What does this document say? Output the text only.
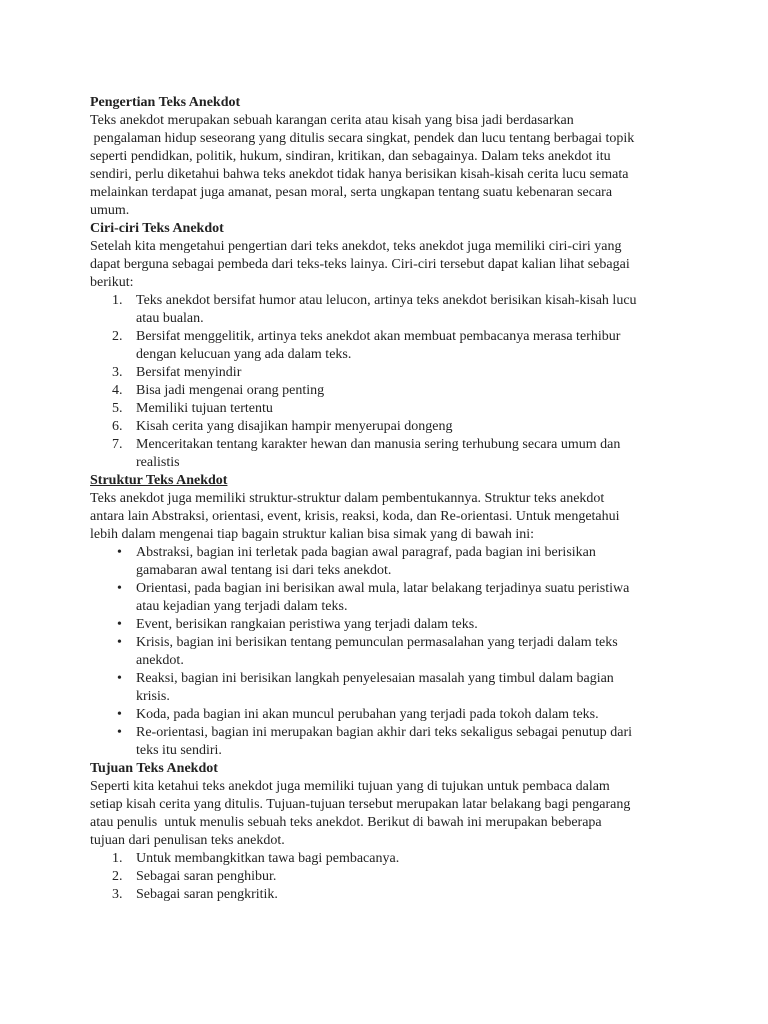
Pengertian Teks Anekdot
Teks anekdot merupakan sebuah karangan cerita atau kisah yang bisa jadi berdasarkan
pengalaman hidup seseorang yang ditulis secara singkat, pendek dan lucu tentang berbagai topik
seperti pendidkan, politik, hukum, sindiran, kritikan, dan sebagainya. Dalam teks anekdot itu
sendiri, perlu diketahui bahwa teks anekdot tidak hanya berisikan kisah-kisah cerita lucu semata
melainkan terdapat juga amanat, pesan moral, serta ungkapan tentang suatu kebenaran secara
umum.
Ciri-ciri Teks Anekdot
Setelah kita mengetahui pengertian dari teks anekdot, teks anekdot juga memiliki ciri-ciri yang
dapat berguna sebagai pembeda dari teks-teks lainya. Ciri-ciri tersebut dapat kalian lihat sebagai
berikut:
1. Teks anekdot bersifat humor atau lelucon, artinya teks anekdot berisikan kisah-kisah lucu
atau bualan.
2. Bersifat menggelitik, artinya teks anekdot akan membuat pembacanya merasa terhibur
dengan kelucuan yang ada dalam teks.
3. Bersifat menyindir
4. Bisa jadi mengenai orang penting
5. Memiliki tujuan tertentu
6. Kisah cerita yang disajikan hampir menyerupai dongeng
7. Menceritakan tentang karakter hewan dan manusia sering terhubung secara umum dan
realistis
Struktur Teks Anekdot
Teks anekdot juga memiliki struktur-struktur dalam pembentukannya. Struktur teks anekdot
antara lain Abstraksi, orientasi, event, krisis, reaksi, koda, dan Re-orientasi. Untuk mengetahui
lebih dalam mengenai tiap bagain struktur kalian bisa simak yang di bawah ini:
• Abstraksi, bagian ini terletak pada bagian awal paragraf, pada bagian ini berisikan
gamabaran awal tentang isi dari teks anekdot.
• Orientasi, pada bagian ini berisikan awal mula, latar belakang terjadinya suatu peristiwa
atau kejadian yang terjadi dalam teks.
• Event, berisikan rangkaian peristiwa yang terjadi dalam teks.
• Krisis, bagian ini berisikan tentang pemunculan permasalahan yang terjadi dalam teks
anekdot.
• Reaksi, bagian ini berisikan langkah penyelesaian masalah yang timbul dalam bagian
krisis.
• Koda, pada bagian ini akan muncul perubahan yang terjadi pada tokoh dalam teks.
• Re-orientasi, bagian ini merupakan bagian akhir dari teks sekaligus sebagai penutup dari
teks itu sendiri.
Tujuan Teks Anekdot
Seperti kita ketahui teks anekdot juga memiliki tujuan yang di tujukan untuk pembaca dalam
setiap kisah cerita yang ditulis. Tujuan-tujuan tersebut merupakan latar belakang bagi pengarang
atau penulis  untuk menulis sebuah teks anekdot. Berikut di bawah ini merupakan beberapa
tujuan dari penulisan teks anekdot.
1. Untuk membangkitkan tawa bagi pembacanya.
2. Sebagai saran penghibur.
3. Sebagai saran pengkritik.
